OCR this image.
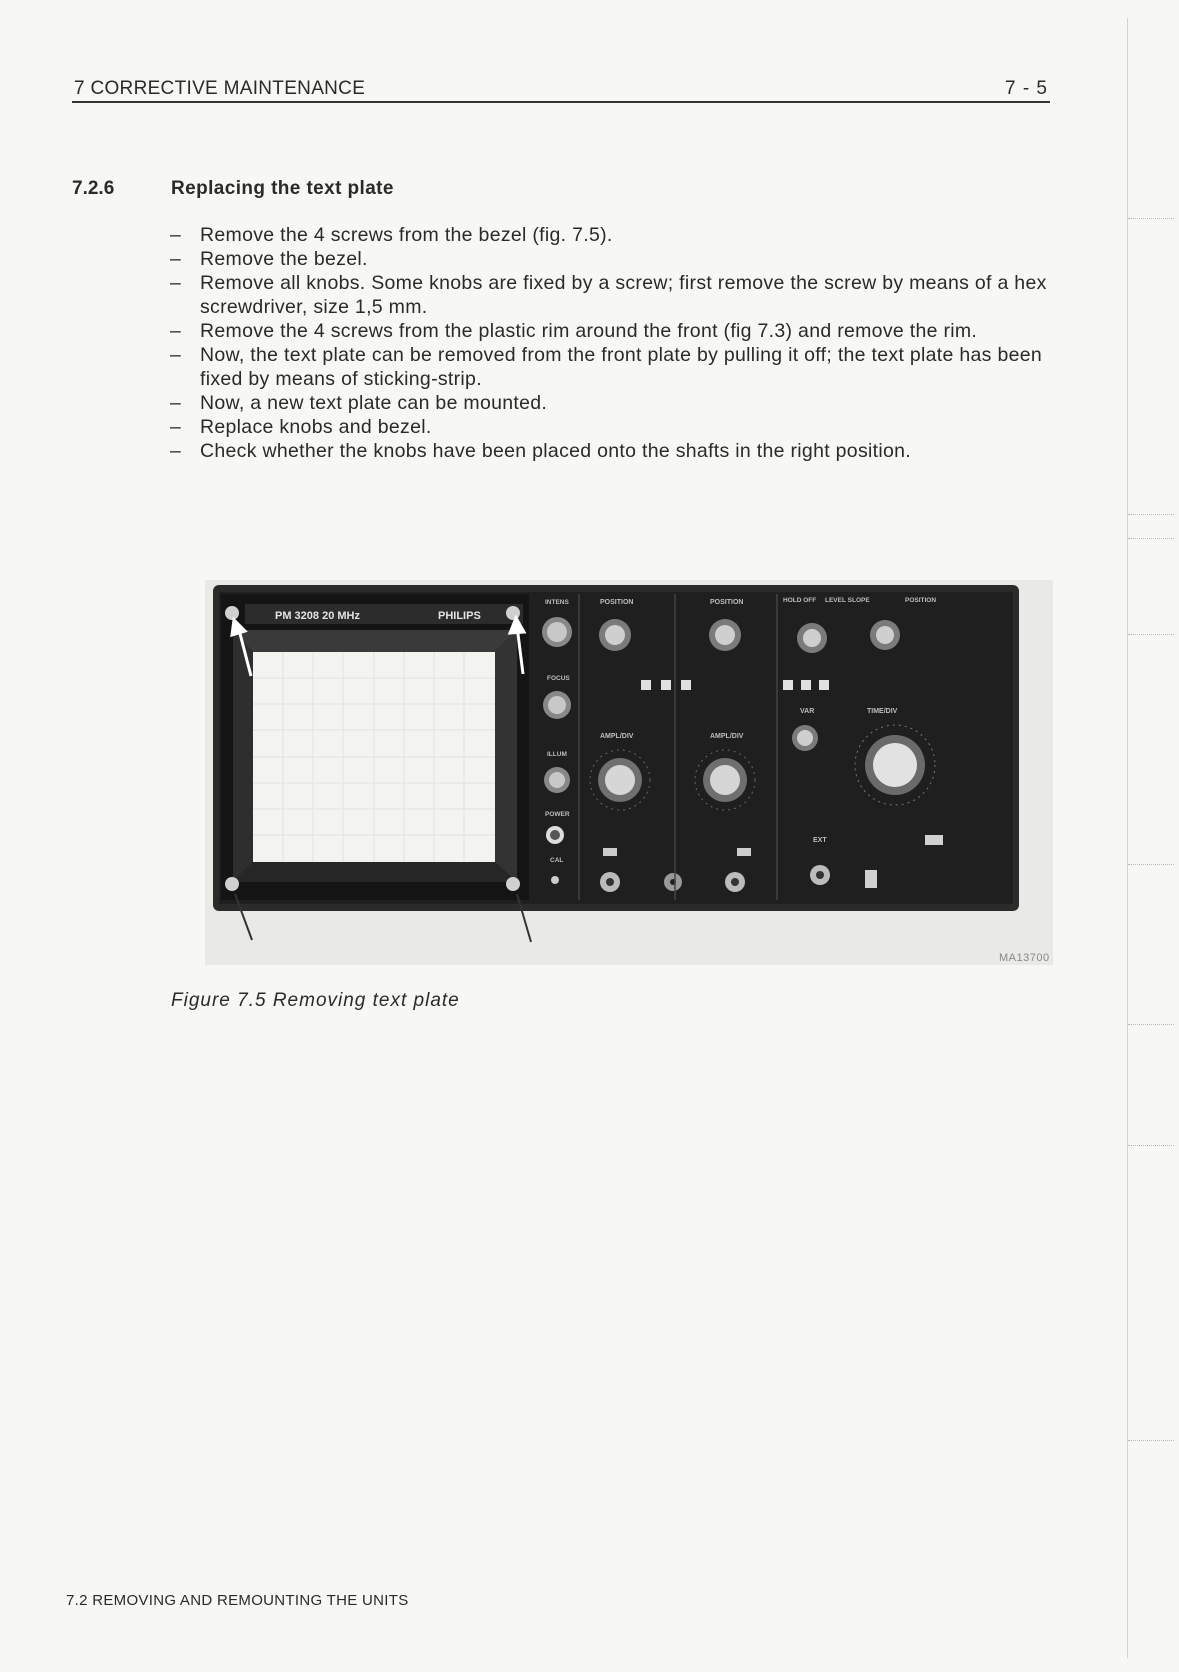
7 CORRECTIVE MAINTENANCE	7 - 5
7.2.6	Replacing the text plate
– Remove the 4 screws from the bezel (fig. 7.5).
– Remove the bezel.
– Remove all knobs. Some knobs are fixed by a screw; first remove the screw by means of a hex screwdriver, size 1,5 mm.
– Remove the 4 screws from the plastic rim around the front (fig 7.3) and remove the rim.
– Now, the text plate can be removed from the front plate by pulling it off; the text plate has been fixed by means of sticking-strip.
– Now, a new text plate can be mounted.
– Replace knobs and bezel.
– Check whether the knobs have been placed onto the shafts in the right position.
PM 3208 20 MHz	PHILIPS
INTENS
FOCUS
ILLUM
POWER
CAL
POSITION
AMPL/DIV
POSITION
AMPL/DIV
HOLD OFF LEVEL SLOPE	POSITION
VAR	TIME/DIV
EXT
MA13700
Figure 7.5 Removing text plate
7.2 REMOVING AND REMOUNTING THE UNITS
